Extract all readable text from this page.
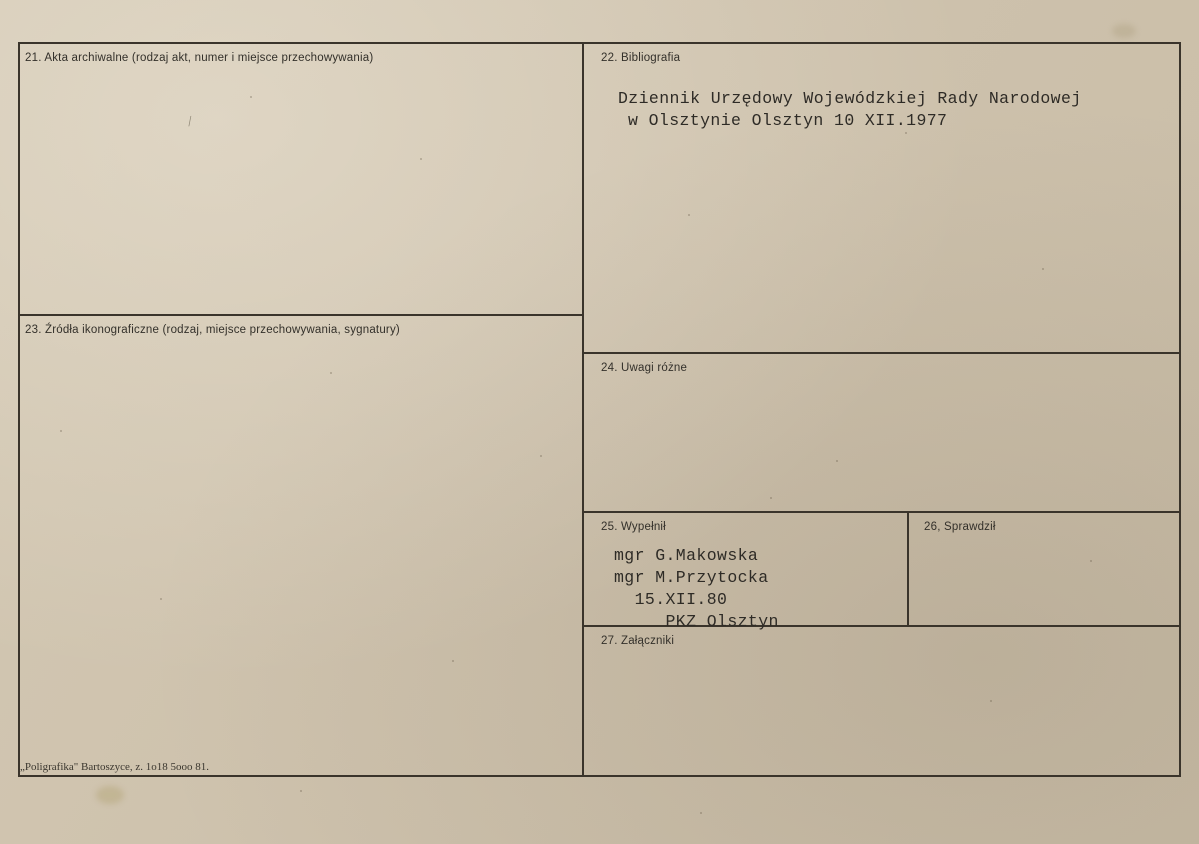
21. Akta archiwalne (rodzaj akt, numer i miejsce przechowywania)
/
23. Źródła ikonograficzne (rodzaj, miejsce przechowywania, sygnatury)
22. Bibliografia
Dziennik Urzędowy Wojewódzkiej Rady Narodowej
w Olsztynie Olsztyn 10 XII.1977
24. Uwagi różne
25. Wypełnił
mgr G.Makowska
mgr M.Przytocka
15.XII.80
PKZ Olsztyn
26, Sprawdził
27. Załączniki
„Poligrafika" Bartoszyce, z. 1o18 5ooo 81.
